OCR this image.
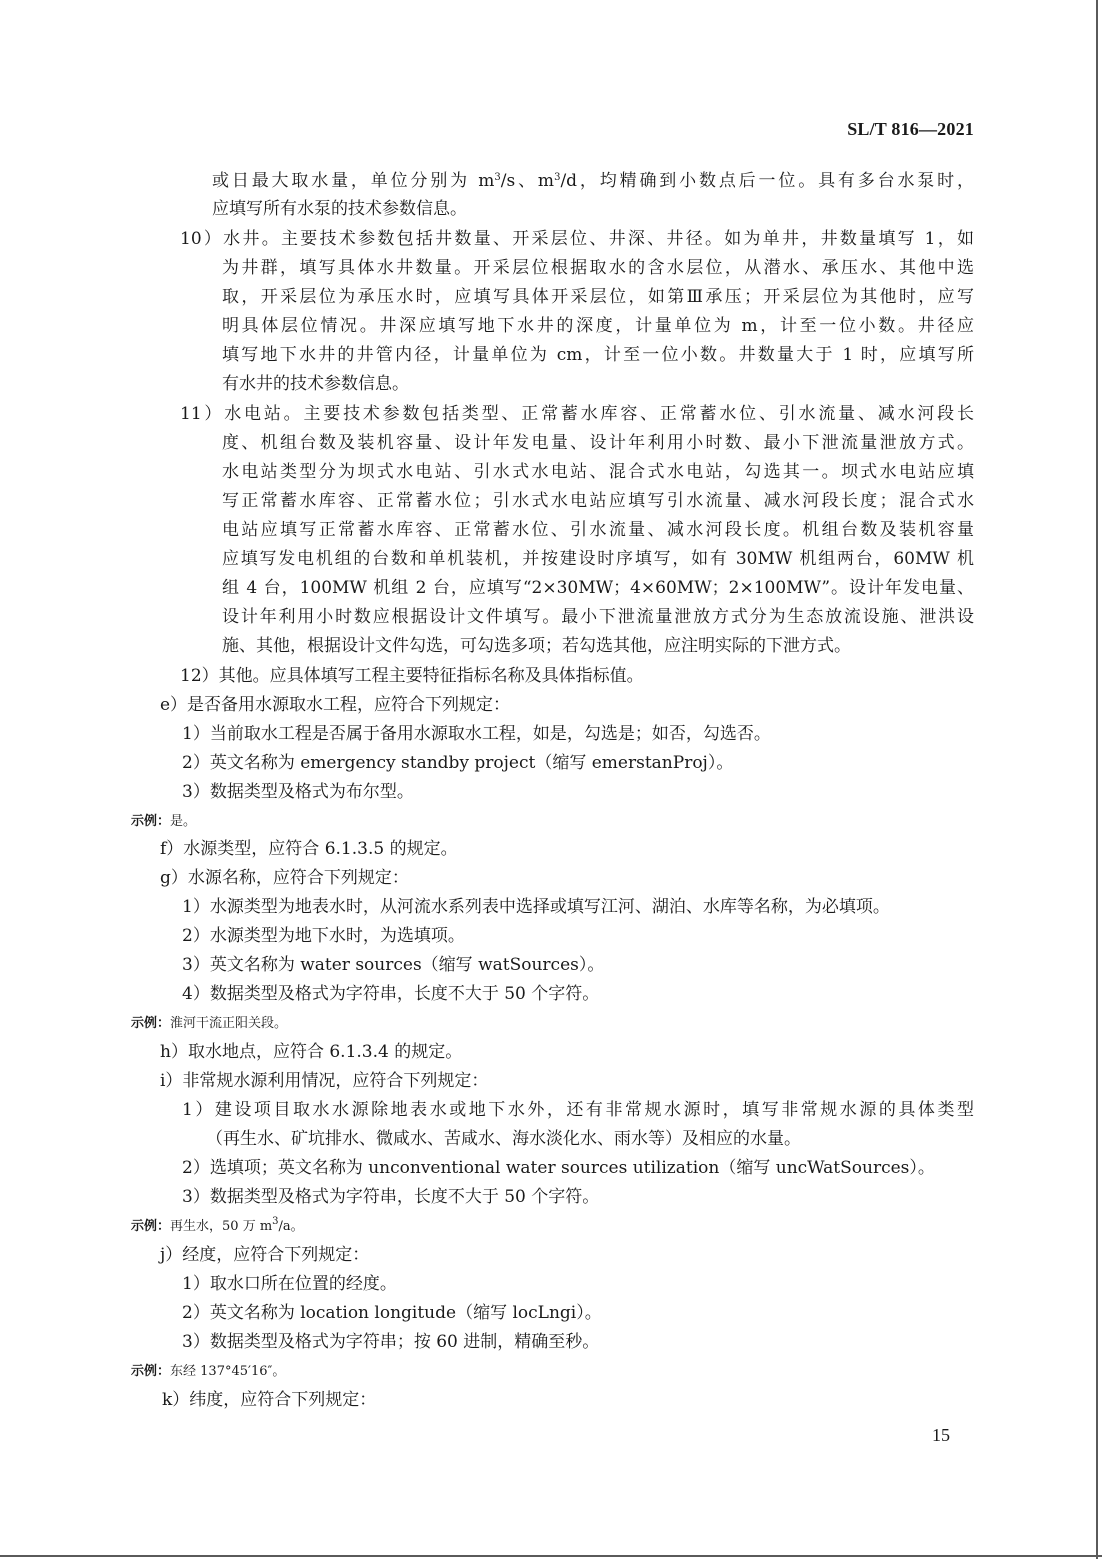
SL/T 816—2021
或日最大取水量，单位分别为 $m^3/s$、$m^3/d$，均精确到小数点后一位。具有多台水泵时，
应填写所有水泵的技术参数信息。
10）水井。主要技术参数包括井数量、开采层位、井深、井径。如为单井，井数量填写 1，如
为井群，填写具体水井数量。开采层位根据取水的含水层位，从潜水、承压水、其他中选
取，开采层位为承压水时，应填写具体开采层位，如第Ⅲ承压；开采层位为其他时，应写
明具体层位情况。井深应填写地下水井的深度，计量单位为 m，计至一位小数。井径应
填写地下水井的井管内径，计量单位为 cm，计至一位小数。井数量大于 1 时，应填写所
有水井的技术参数信息。
11）水电站。主要技术参数包括类型、正常蓄水库容、正常蓄水位、引水流量、减水河段长
度、机组台数及装机容量、设计年发电量、设计年利用小时数、最小下泄流量泄放方式。
水电站类型分为坝式水电站、引水式水电站、混合式水电站，勾选其一。坝式水电站应填
写正常蓄水库容、正常蓄水位；引水式水电站应填写引水流量、减水河段长度；混合式水
电站应填写正常蓄水库容、正常蓄水位、引水流量、减水河段长度。机组台数及装机容量
应填写发电机组的台数和单机装机，并按建设时序填写，如有 30MW 机组两台，60MW 机
组 4 台，100MW 机组 2 台，应填写“2×30MW；4×60MW；2×100MW”。设计年发电量、
设计年利用小时数应根据设计文件填写。最小下泄流量泄放方式分为生态放流设施、泄洪设
施、其他，根据设计文件勾选，可勾选多项；若勾选其他，应注明实际的下泄方式。
12）其他。应具体填写工程主要特征指标名称及具体指标值。
e）是否备用水源取水工程，应符合下列规定：
1）当前取水工程是否属于备用水源取水工程，如是，勾选是；如否，勾选否。
2）英文名称为 emergency standby project（缩写 emerstanProj）。
3）数据类型及格式为布尔型。
示例：是。
f）水源类型，应符合 6.1.3.5 的规定。
g）水源名称，应符合下列规定：
1）水源类型为地表水时，从河流水系列表中选择或填写江河、湖泊、水库等名称，为必填项。
2）水源类型为地下水时，为选填项。
3）英文名称为 water sources（缩写 watSources）。
4）数据类型及格式为字符串，长度不大于 50 个字符。
示例：淮河干流正阳关段。
h）取水地点，应符合 6.1.3.4 的规定。
i）非常规水源利用情况，应符合下列规定：
1）建设项目取水水源除地表水或地下水外，还有非常规水源时，填写非常规水源的具体类型
（再生水、矿坑排水、微咸水、苦咸水、海水淡化水、雨水等）及相应的水量。
2）选填项；英文名称为 unconventional water sources utilization（缩写 uncWatSources）。
3）数据类型及格式为字符串，长度不大于 50 个字符。
示例：再生水，50 万 $m^3/a$。
j）经度，应符合下列规定：
1）取水口所在位置的经度。
2）英文名称为 location longitude（缩写 locLngi）。
3）数据类型及格式为字符串；按 60 进制，精确至秒。
示例：东经 137°45′16″。
k）纬度，应符合下列规定：
15
